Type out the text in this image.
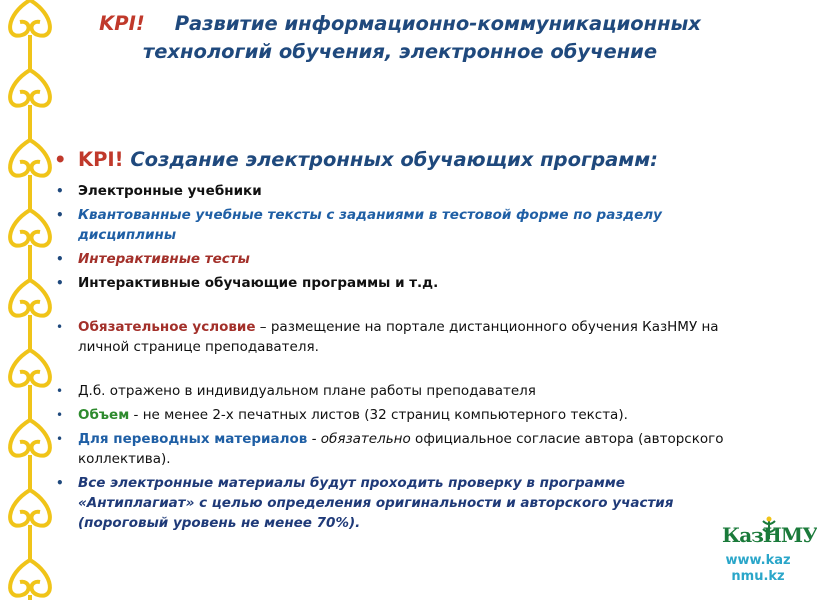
KPI! Развитие информационно-коммуникационных технологий обучения, электронное обучение
• KPI! Создание электронных обучающих программ:
• Электронные учебники
• Квантованные учебные тексты с заданиями в тестовой форме по разделу дисциплины
• Интерактивные тесты
• Интерактивные обучающие программы и т.д.
• Обязательное условие – размещение на портале дистанционного обучения КазНМУ на личной странице преподавателя.
• Д.б. отражено в индивидуальном плане работы преподавателя
• Объем - не менее 2-х печатных листов (32 страниц компьютерного текста).
• Для переводных материалов - обязательно официальное согласие автора (авторского коллектива).
• Все электронные материалы будут проходить проверку в программе «Антиплагиат» с целью определения оригинальности и авторского участия (пороговый уровень не менее 70%).	КазНМУ
www.kaz
nmu.kz
